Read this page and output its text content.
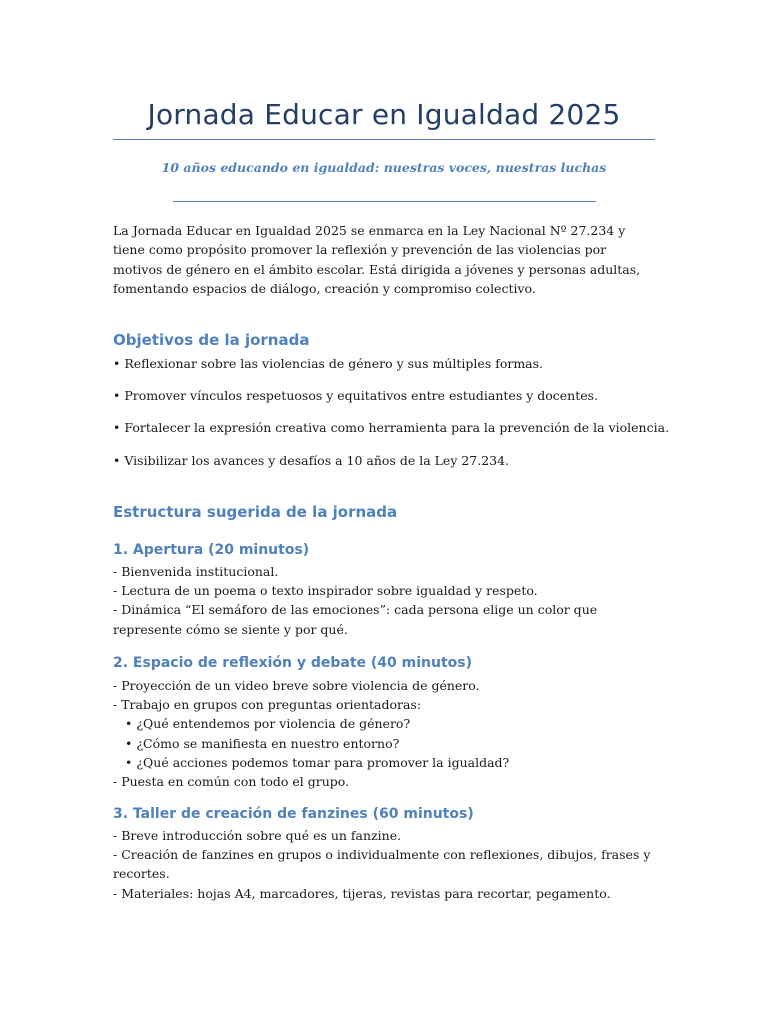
Jornada Educar en Igualdad 2025
10 años educando en igualdad: nuestras voces, nuestras luchas

La Jornada Educar en Igualdad 2025 se enmarca en la Ley Nacional Nº 27.234 y tiene como propósito promover la reflexión y prevención de las violencias por motivos de género en el ámbito escolar. Está dirigida a jóvenes y personas adultas, fomentando espacios de diálogo, creación y compromiso colectivo.

Objetivos de la jornada

• Reflexionar sobre las violencias de género y sus múltiples formas.

• Promover vínculos respetuosos y equitativos entre estudiantes y docentes.

• Fortalecer la expresión creativa como herramienta para la prevención de la violencia.

• Visibilizar los avances y desafíos a 10 años de la Ley 27.234.

Estructura sugerida de la jornada
1. Apertura (20 minutos)
- Bienvenida institucional.
- Lectura de un poema o texto inspirador sobre igualdad y respeto.
- Dinámica “El semáforo de las emociones”: cada persona elige un color que represente cómo se siente y por qué.
2. Espacio de reflexión y debate (40 minutos)
- Proyección de un video breve sobre violencia de género.
- Trabajo en grupos con preguntas orientadoras:
• ¿Qué entendemos por violencia de género?
• ¿Cómo se manifiesta en nuestro entorno?
• ¿Qué acciones podemos tomar para promover la igualdad?
- Puesta en común con todo el grupo.
3. Taller de creación de fanzines (60 minutos)
- Breve introducción sobre qué es un fanzine.
- Creación de fanzines en grupos o individualmente con reflexiones, dibujos, frases y recortes.
- Materiales: hojas A4, marcadores, tijeras, revistas para recortar, pegamento.
